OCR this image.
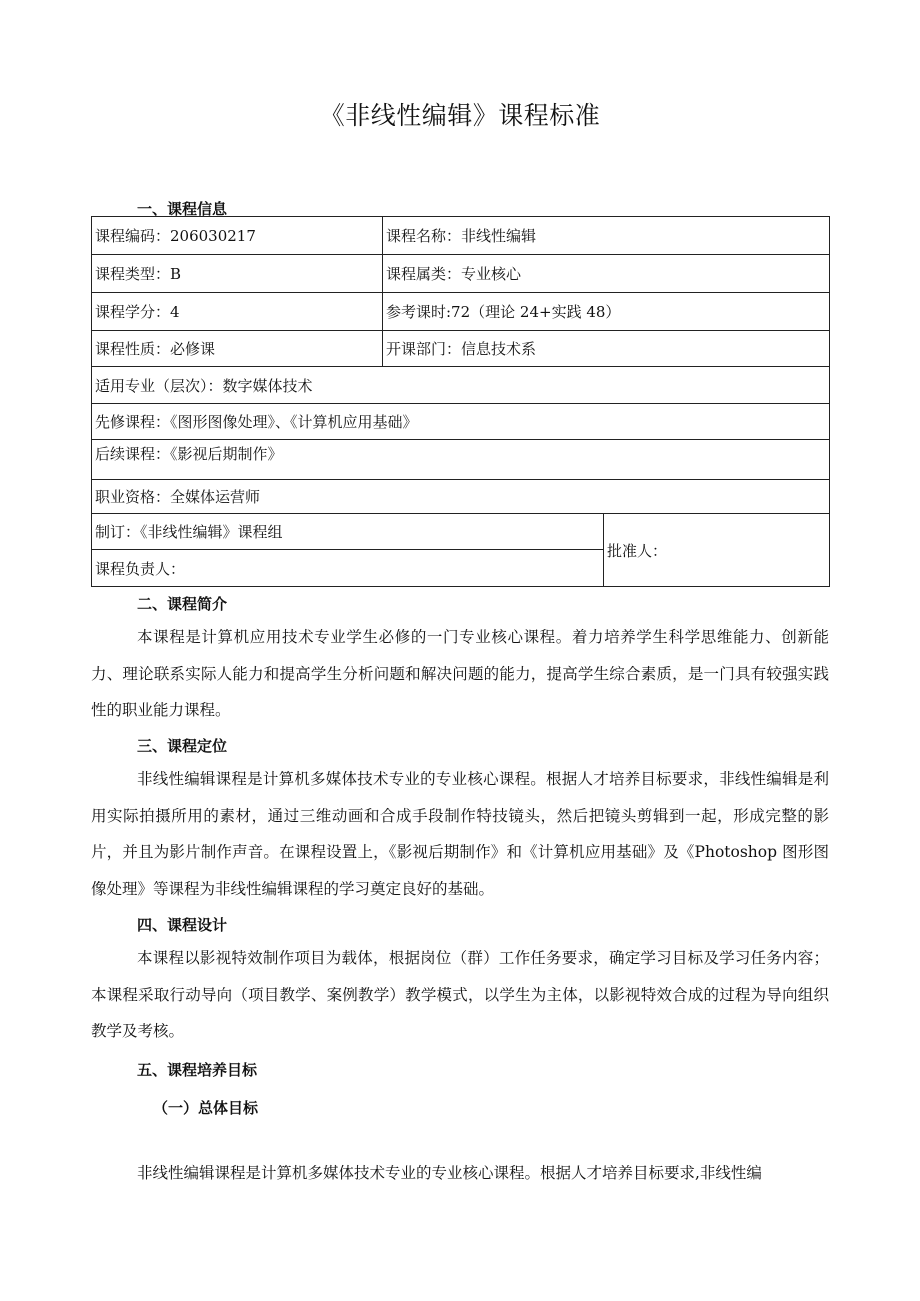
《非线性编辑》课程标准
一、课程信息
课程编码：206030217	课程名称：非线性编辑	
课程类型：B	课程属类：专业核心	
课程学分：4	参考课时:72（理论 24+实践 48）	
课程性质：必修课	开课部门：信息技术系	
适用专业（层次）：数字媒体技术		
先修课程：《图形图像处理》、《计算机应用基础》		
后续课程：《影视后期制作》		
职业资格：全媒体运营师		
制订：《非线性编辑》课程组		批准人：
课程负责人：		
二、课程简介

本课程是计算机应用技术专业学生必修的一门专业核心课程。着力培养学生科学思维能力、创新能力、理论联系实际人能力和提高学生分析问题和解决问题的能力，提高学生综合素质，是一门具有较强实践性的职业能力课程。

三、课程定位

非线性编辑课程是计算机多媒体技术专业的专业核心课程。根据人才培养目标要求，非线性编辑是利用实际拍摄所用的素材，通过三维动画和合成手段制作特技镜头，然后把镜头剪辑到一起，形成完整的影片，并且为影片制作声音。在课程设置上，《影视后期制作》和《计算机应用基础》及《Photoshop 图形图像处理》等课程为非线性编辑课程的学习奠定良好的基础。

四、课程设计

本课程以影视特效制作项目为载体，根据岗位（群）工作任务要求，确定学习目标及学习任务内容；本课程采取行动导向（项目教学、案例教学）教学模式，以学生为主体，以影视特效合成的过程为导向组织教学及考核。

五、课程培养目标
（一）总体目标

非线性编辑课程是计算机多媒体技术专业的专业核心课程。根据人才培养目标要求,非线性编
